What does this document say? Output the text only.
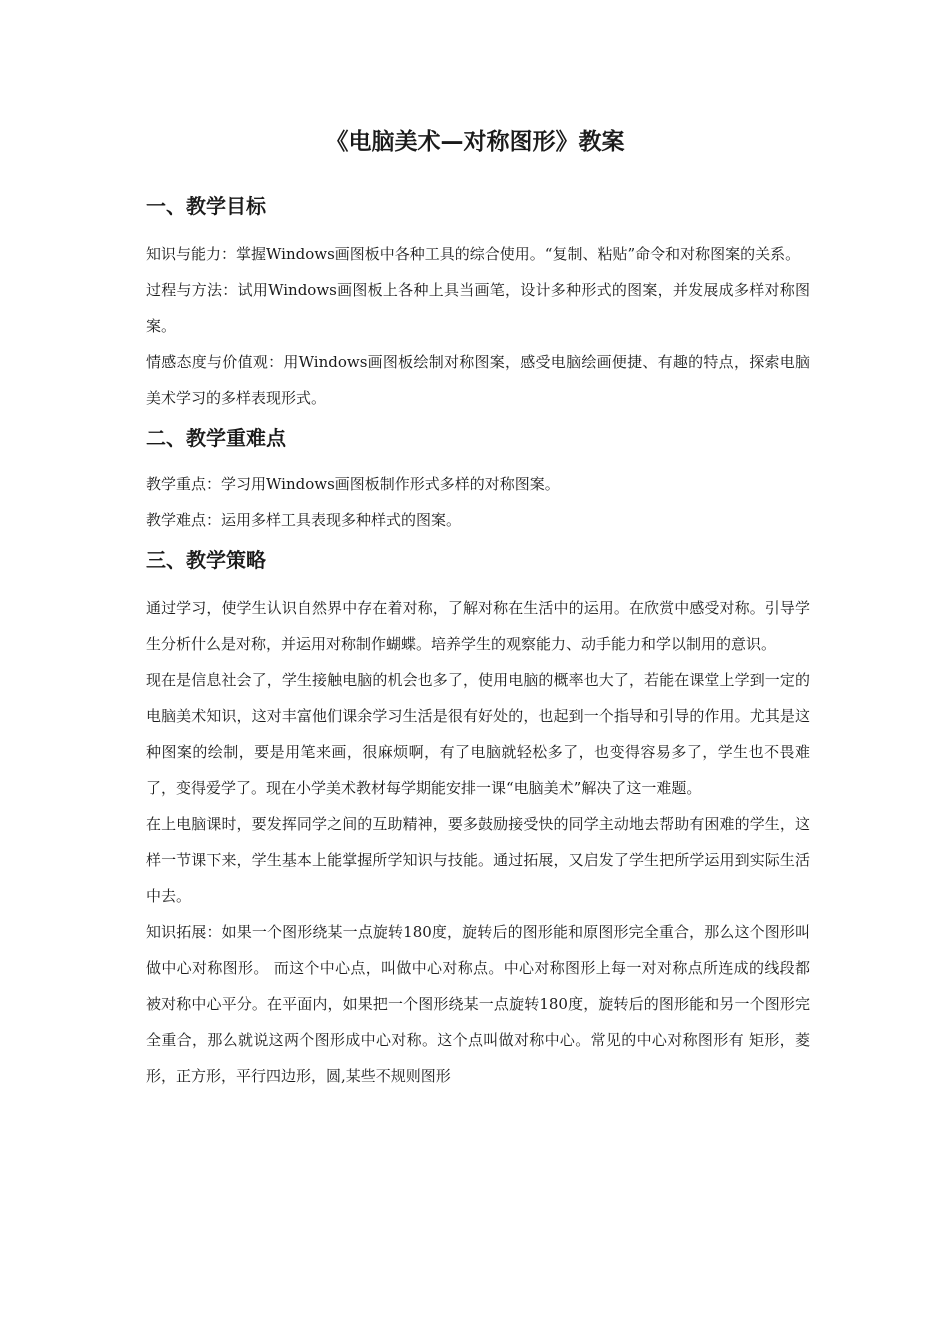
《电脑美术—对称图形》教案
一、教学目标

知识与能力：掌握Windows画图板中各种工具的综合使用。“复制、粘贴”命令和对称图案的关系。

过程与方法：试用Windows画图板上各种上具当画笔，设计多种形式的图案，并发展成多样对称图案。

情感态度与价值观：用Windows画图板绘制对称图案，感受电脑绘画便捷、有趣的特点，探索电脑美术学习的多样表现形式。

二、教学重难点

教学重点：学习用Windows画图板制作形式多样的对称图案。

教学难点：运用多样工具表现多种样式的图案。

三、教学策略

通过学习，使学生认识自然界中存在着对称，了解对称在生活中的运用。在欣赏中感受对称。引导学生分析什么是对称，并运用对称制作蝴蝶。培养学生的观察能力、动手能力和学以制用的意识。

现在是信息社会了，学生接触电脑的机会也多了，使用电脑的概率也大了，若能在课堂上学到一定的电脑美术知识，这对丰富他们课余学习生活是很有好处的，也起到一个指导和引导的作用。尤其是这种图案的绘制，要是用笔来画，很麻烦啊，有了电脑就轻松多了，也变得容易多了，学生也不畏难了，变得爱学了。现在小学美术教材每学期能安排一课“电脑美术”解决了这一难题。

在上电脑课时，要发挥同学之间的互助精神，要多鼓励接受快的同学主动地去帮助有困难的学生，这样一节课下来，学生基本上能掌握所学知识与技能。通过拓展，又启发了学生把所学运用到实际生活中去。

知识拓展：如果一个图形绕某一点旋转180度，旋转后的图形能和原图形完全重合，那么这个图形叫做中心对称图形。 而这个中心点，叫做中心对称点。中心对称图形上每一对对称点所连成的线段都被对称中心平分。在平面内，如果把一个图形绕某一点旋转180度，旋转后的图形能和另一个图形完全重合，那么就说这两个图形成中心对称。这个点叫做对称中心。常见的中心对称图形有 矩形，菱形，正方形，平行四边形，圆,某些不规则图形
